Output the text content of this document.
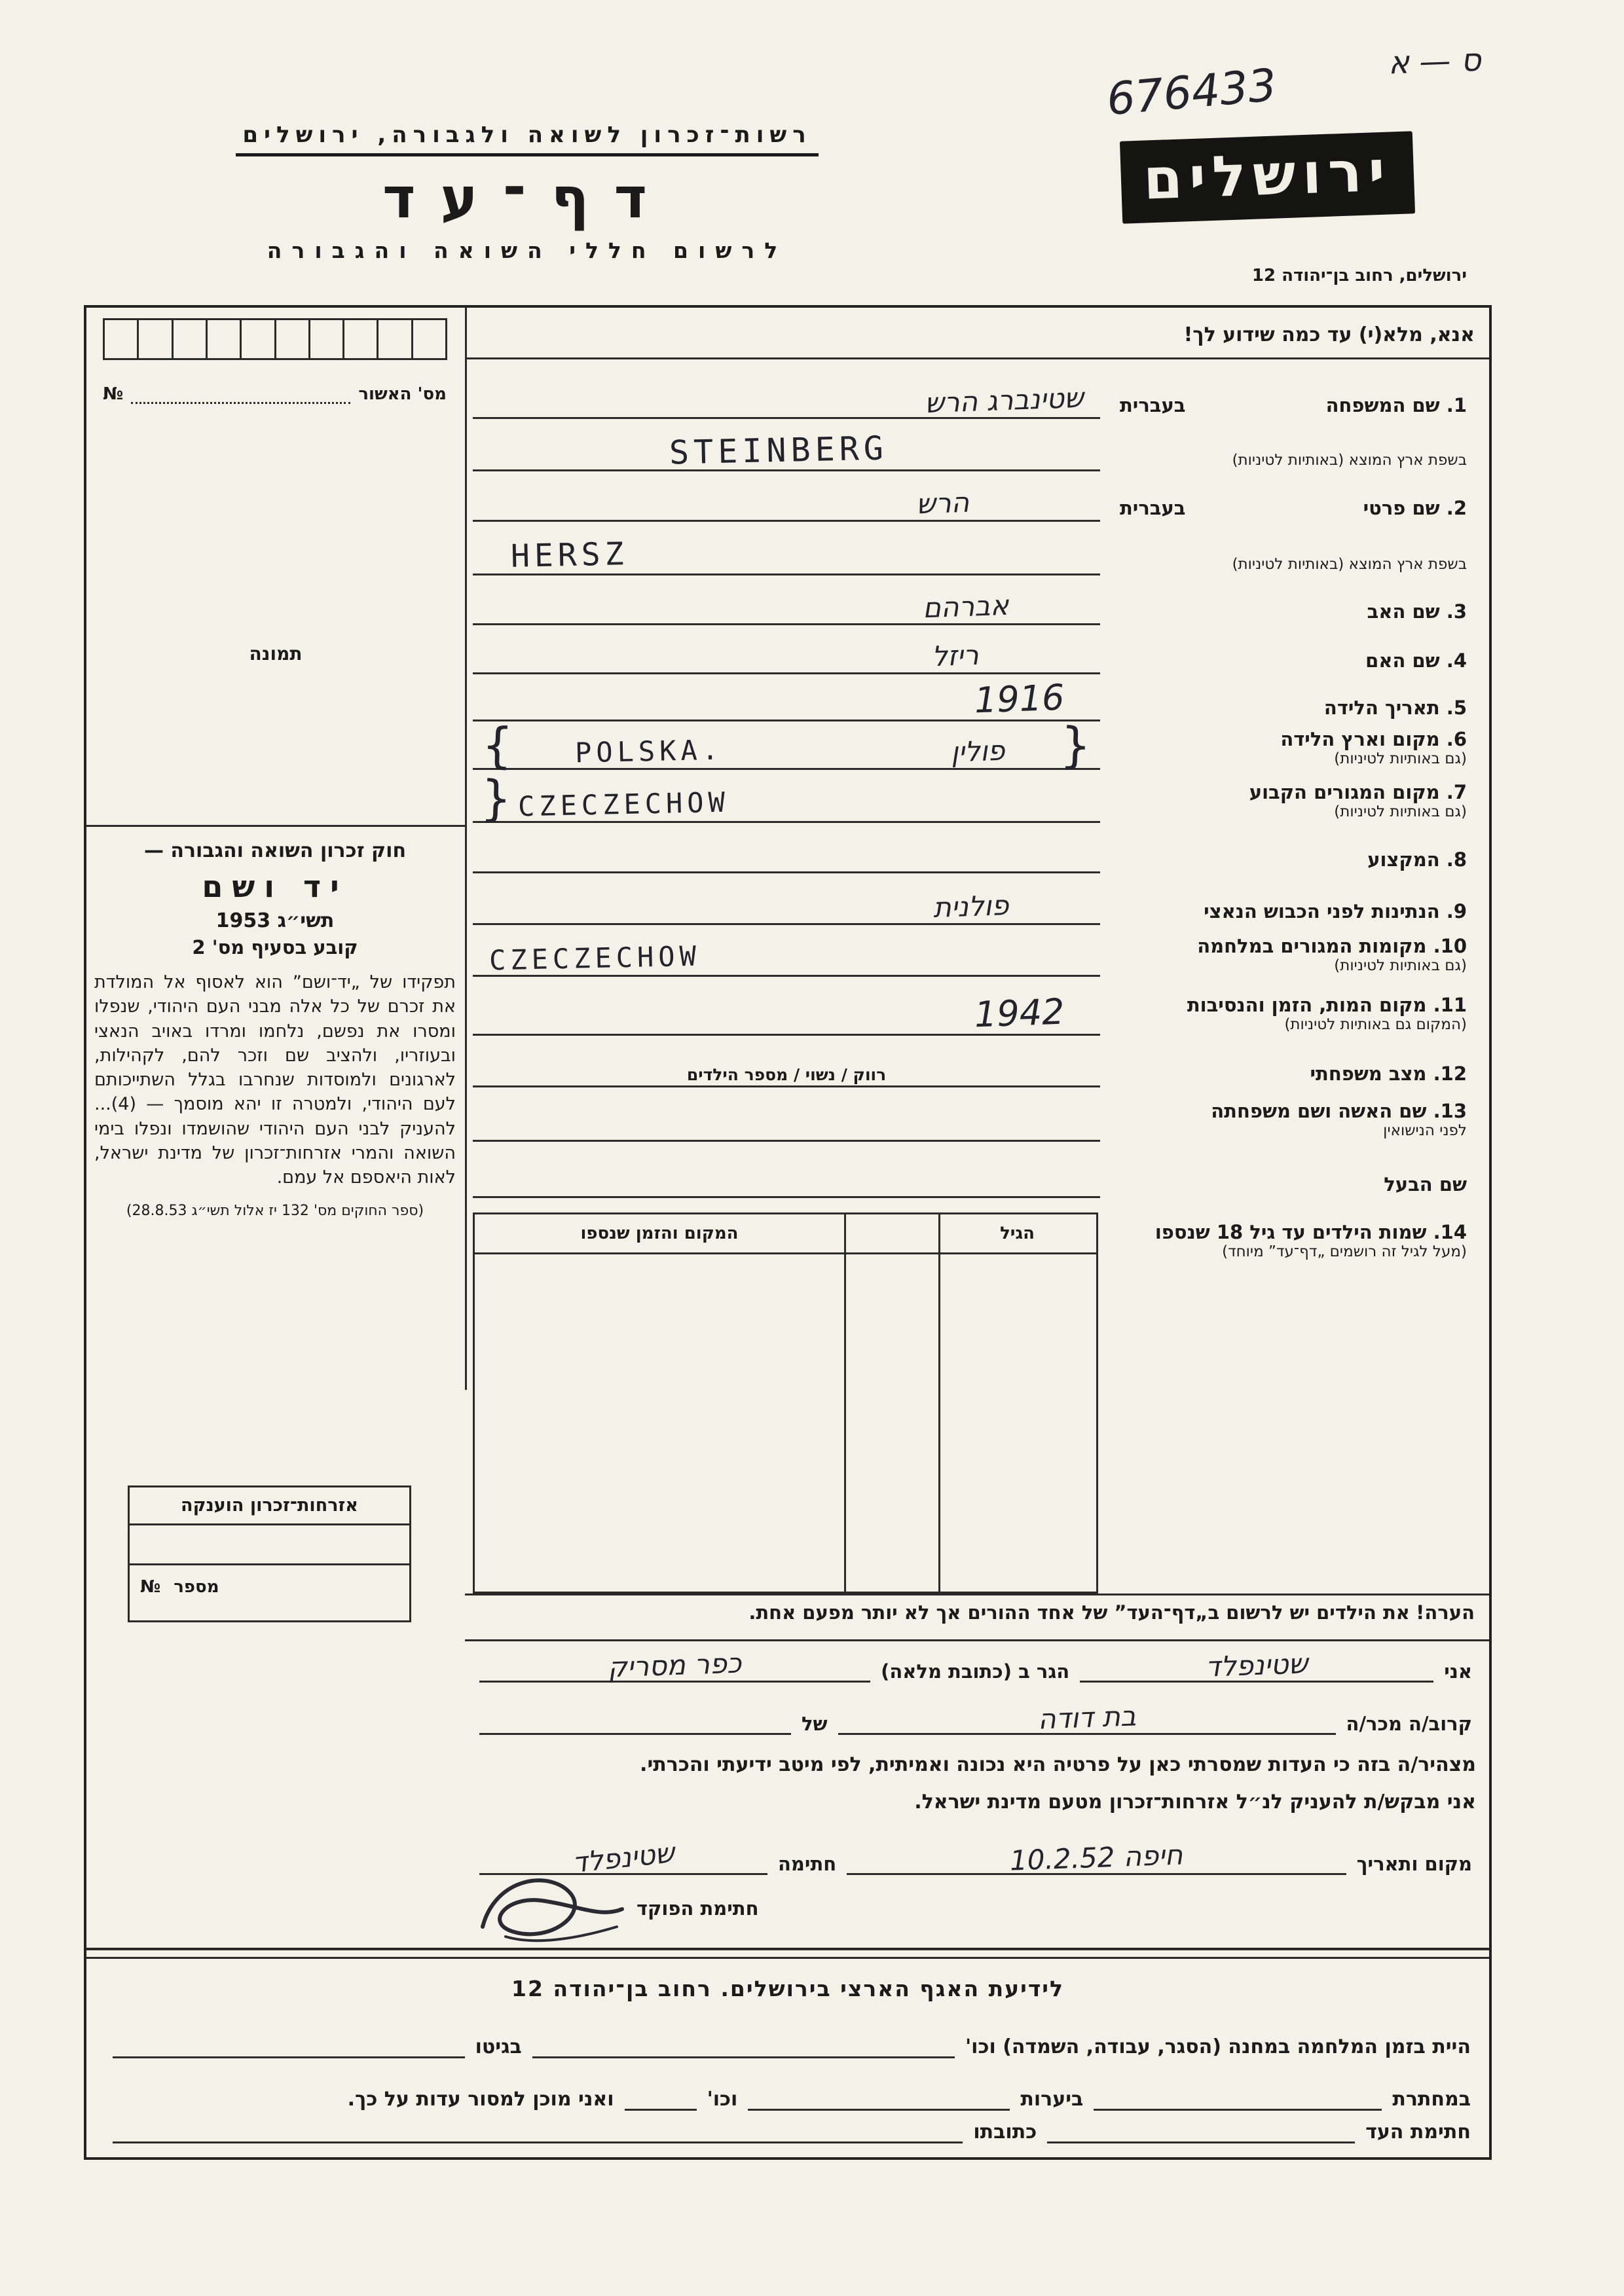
רשות־זכרון לשואה ולגבורה, ירושלים
דף־עד
לרשום חללי השואה והגבורה
676433	ס — א
ירושלים
ירושלים, רחוב בן־יהודה 12
אנא, מלא(י) עד כמה שידוע לך!
מס' האשור
№
תמונה
חוק זכרון השואה והגבורה —
יד ושם
תשי״ג 1953
קובע בסעיף מס' 2
תפקידו של „יד־ושם” הוא לאסוף אל המולדת את זכרם של כל אלה מבני העם היהודי, שנפלו ומסרו את נפשם, נלחמו ומרדו באויב הנאצי ובעוזריו, ולהציב שם וזכר להם, לקהילות, לארגונים ולמוסדות שנחרבו בגלל השתייכותם לעם היהודי, ולמטרה זו יהא מוסמך — (4)... להעניק לבני העם היהודי שהושמדו ונפלו בימי השואה והמרי אזרחות־זכרון של מדינת ישראל, לאות היאספם אל עמם.
(ספר החוקים מס' 132 יז אלול תשי״ג 28.8.53)
אזרחות־זכרון הוענקה
№ מספר
1. שם המשפחה
בעברית
שטינברג הרש
בשפת ארץ המוצא (באותיות לטיניות)
STEINBERG
2. שם פרטי
בעברית
הרש
בשפת ארץ המוצא (באותיות לטיניות)
HERSZ
3. שם האב
אברהם
4. שם האם
ריזל
5. תאריך הלידה
1916
6. מקום וארץ הלידה
(גם באותיות לטיניות)
{
פולין
POLSKA.
}
7. מקום המגורים הקבוע
(גם באותיות לטיניות)
CZECZECHOW
{
8. המקצוע
9. הנתינות לפני הכבוש הנאצי
פולנית
10. מקומות המגורים במלחמה
(גם באותיות לטיניות)
CZECZECHOW
11. מקום המות, הזמן והנסיבות
(המקום גם באותיות לטיניות)
1942
12. מצב משפחתי
רווק / נשוי / מספר הילדים
13. שם האשה ושם משפחתה
לפני הנישואין
שם הבעל
14. שמות הילדים עד גיל 18 שנספו
(מעל לגיל זה רושמים „דף־עד” מיוחד)
המקום והזמן שנספו	הגיל
הערה! את הילדים יש לרשום ב„דף־העד” של אחד ההורים אך לא יותר מפעם אחת.
אני
שטינפלד
הגר ב (כתובת מלאה)
כפר מסריק
קרוב/ה מכר/ה
בת דודה
של
מצהיר/ה בזה כי העדות שמסרתי כאן על פרטיה היא נכונה ואמיתית, לפי מיטב ידיעתי והכרתי.
אני מבקש/ת להעניק לנ״ל אזרחות־זכרון מטעם מדינת ישראל.
מקום ותאריך
חיפה 10.2.52
חתימה
שטינפלד
חתימת הפוקד
לידיעת האגף הארצי בירושלים. רחוב בן־יהודה 12
היית בזמן המלחמה במחנה (הסגר, עבודה, השמדה) וכו'
בגיטו
במחתרת
ביערות
וכו'
ואני מוכן למסור עדות על כך.
חתימת העד
כתובתו
